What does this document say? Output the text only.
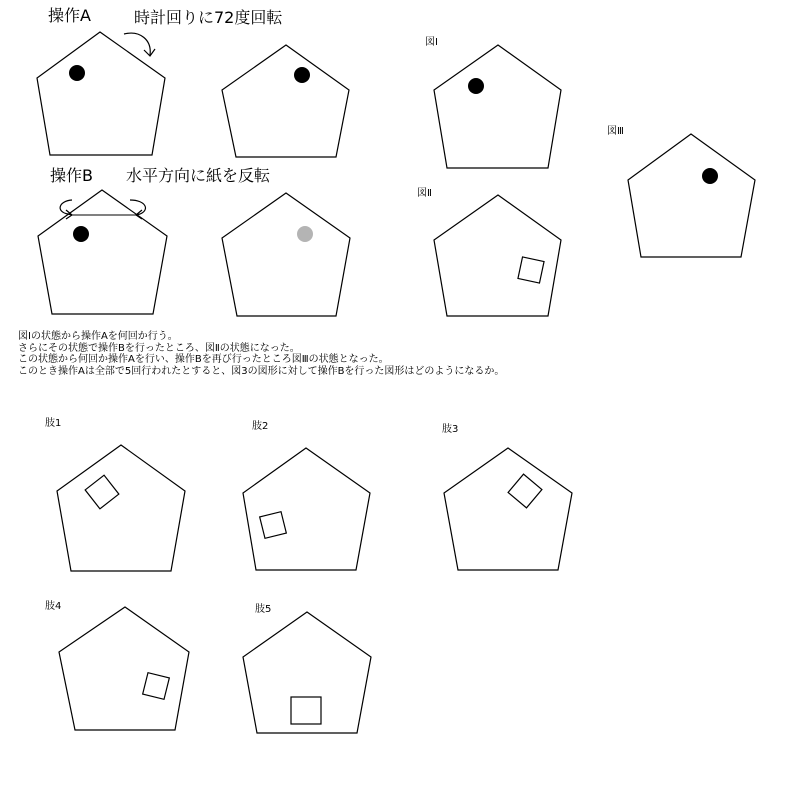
操作A	時計回りに72度回転
操作B 水平方向に紙を反転
図Ⅰ
図Ⅱ
図Ⅲ
図Ⅰの状態から操作Aを何回か行う。
さらにその状態で操作Bを行ったところ、図Ⅱの状態になった。
この状態から何回か操作Aを行い、操作Bを再び行ったところ図Ⅲの状態となった。
このとき操作Aは全部で5回行われたとすると、図3の図形に対して操作Bを行った図形はどのようになるか。
肢1	肢2	肢3
肢4	肢5
